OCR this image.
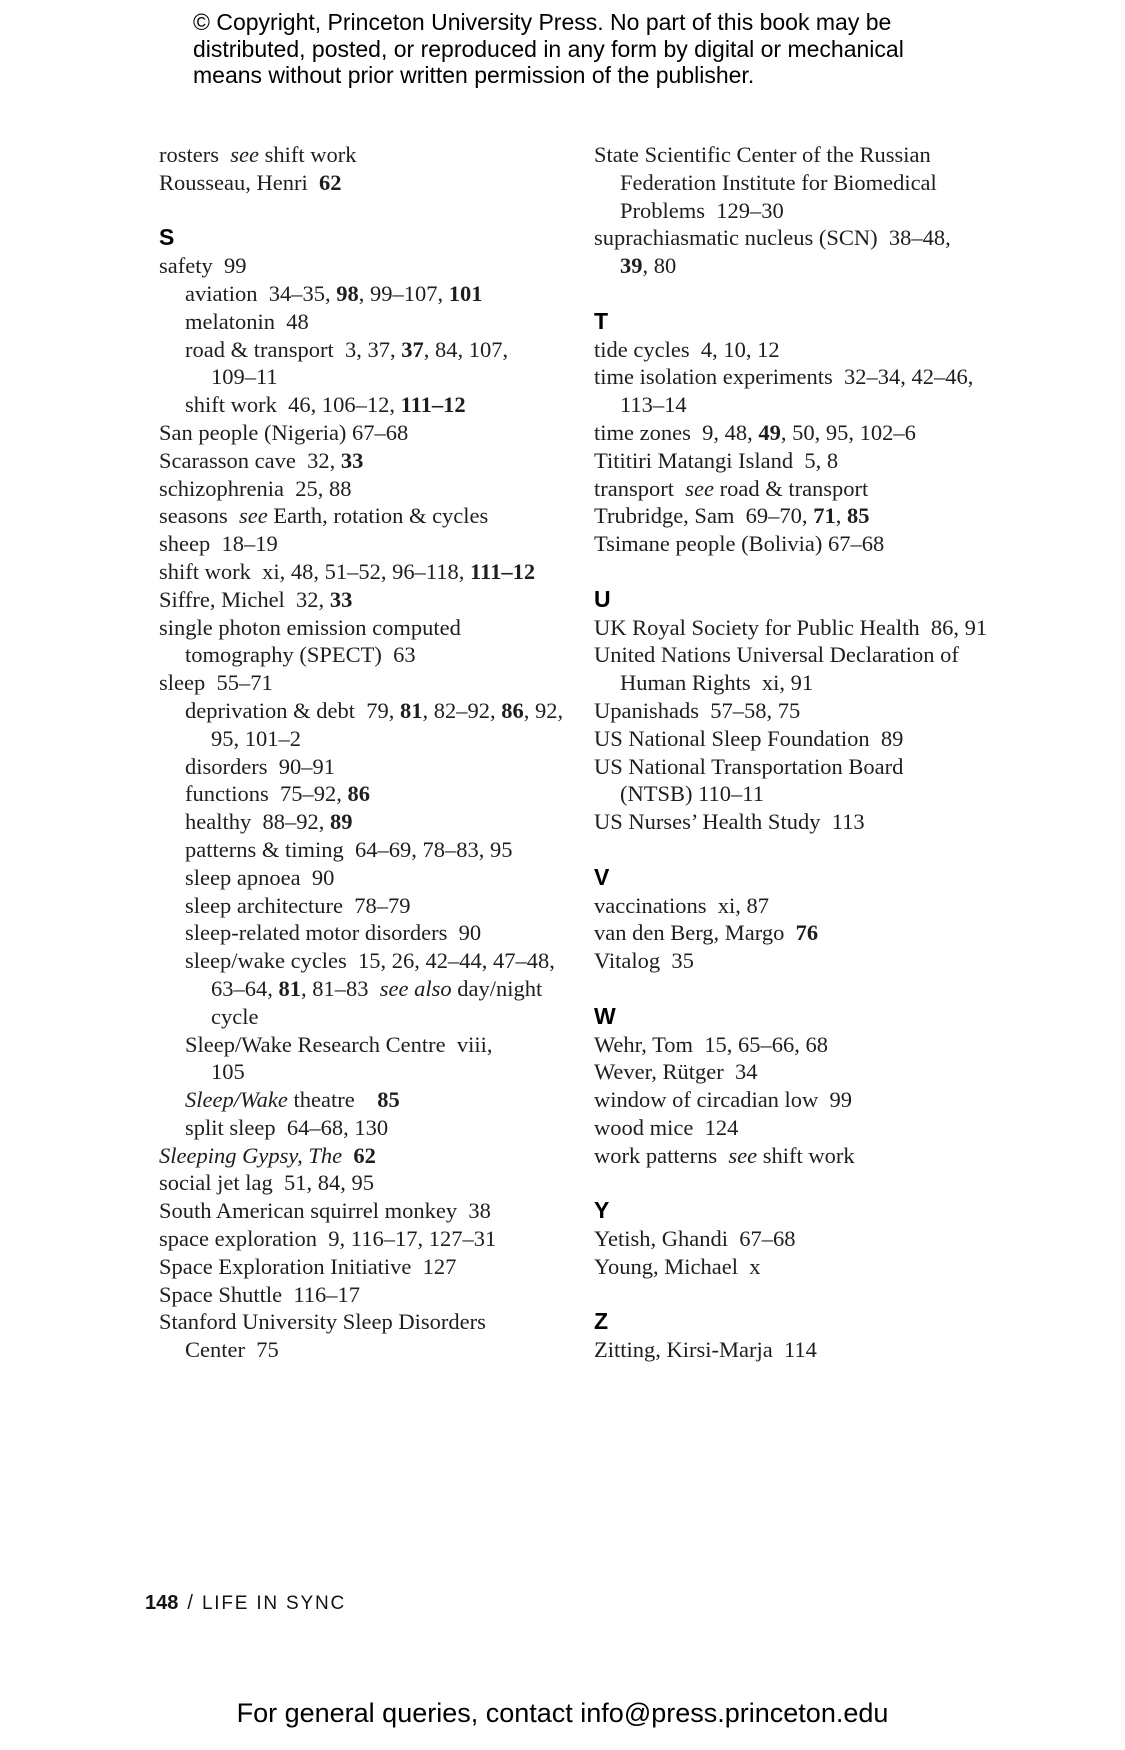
© Copyright, Princeton University Press. No part of this book may be
distributed, posted, or reproduced in any form by digital or mechanical
means without prior written permission of the publisher.
rosters see shift work
Rousseau, Henri 62

S
safety 99
aviation 34–35, 98, 99–107, 101
melatonin 48
road & transport 3, 37, 37, 84, 107,
109–11
shift work 46, 106–12, 111–12
San people (Nigeria) 67–68
Scarasson cave 32, 33
schizophrenia 25, 88
seasons see Earth, rotation & cycles
sheep 18–19
shift work xi, 48, 51–52, 96–118, 111–12
Siffre, Michel 32, 33
single photon emission computed
tomography (SPECT) 63
sleep 55–71
deprivation & debt 79, 81, 82–92, 86, 92,
95, 101–2
disorders 90–91
functions 75–92, 86
healthy 88–92, 89
patterns & timing 64–69, 78–83, 95
sleep apnoea 90
sleep architecture 78–79
sleep-related motor disorders 90
sleep/wake cycles 15, 26, 42–44, 47–48,
63–64, 81, 81–83 see also day/night
cycle
Sleep/Wake Research Centre viii,
105
Sleep/Wake theatre  85
split sleep 64–68, 130
Sleeping Gypsy, The  62
social jet lag 51, 84, 95
South American squirrel monkey 38
space exploration 9, 116–17, 127–31
Space Exploration Initiative 127
Space Shuttle 116–17
Stanford University Sleep Disorders
Center 75
State Scientific Center of the Russian
Federation Institute for Biomedical
Problems 129–30
suprachiasmatic nucleus (SCN) 38–48,
39, 80

T
tide cycles 4, 10, 12
time isolation experiments 32–34, 42–46,
113–14
time zones 9, 48, 49, 50, 95, 102–6
Tititiri Matangi Island 5, 8
transport see road & transport
Trubridge, Sam 69–70, 71, 85
Tsimane people (Bolivia) 67–68

U
UK Royal Society for Public Health 86, 91
United Nations Universal Declaration of
Human Rights xi, 91
Upanishads 57–58, 75
US National Sleep Foundation 89
US National Transportation Board
(NTSB) 110–11
US Nurses’ Health Study 113

V
vaccinations xi, 87
van den Berg, Margo 76
Vitalog 35

W
Wehr, Tom 15, 65–66, 68
Wever, Rütger 34
window of circadian low 99
wood mice 124
work patterns see shift work

Y
Yetish, Ghandi 67–68
Young, Michael x

Z
Zitting, Kirsi-Marja 114
148 / LIFE IN SYNC
For general queries, contact info@press.princeton.edu
